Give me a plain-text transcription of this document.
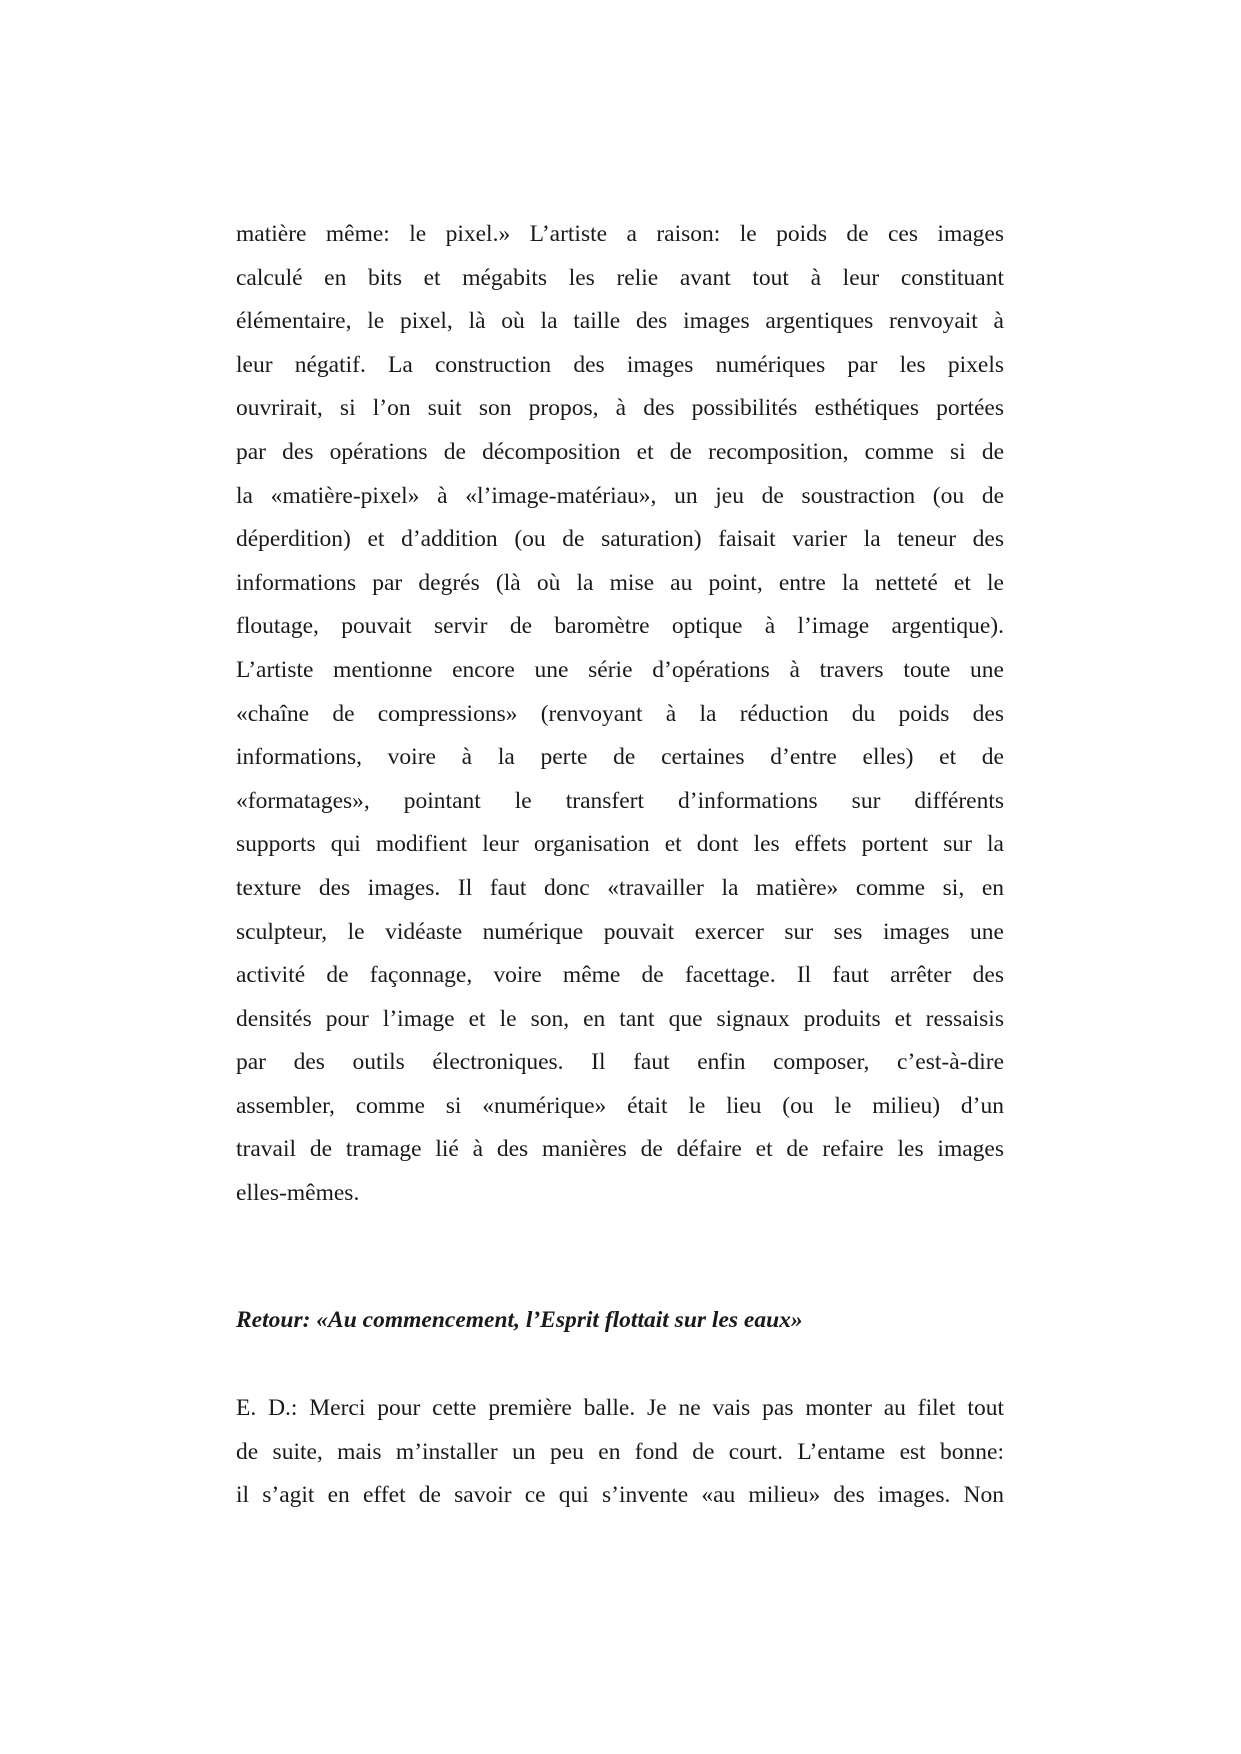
matière même: le pixel.» L’artiste a raison: le poids de ces images
calculé en bits et mégabits les relie avant tout à leur constituant
élémentaire, le pixel, là où la taille des images argentiques renvoyait à
leur négatif. La construction des images numériques par les pixels
ouvrirait, si l’on suit son propos, à des possibilités esthétiques portées
par des opérations de décomposition et de recomposition, comme si de
la «matière-pixel» à «l’image-matériau», un jeu de soustraction (ou de
déperdition) et d’addition (ou de saturation) faisait varier la teneur des
informations par degrés (là où la mise au point, entre la netteté et le
floutage, pouvait servir de baromètre optique à l’image argentique).
L’artiste mentionne encore une série d’opérations à travers toute une
«chaîne de compressions» (renvoyant à la réduction du poids des
informations, voire à la perte de certaines d’entre elles) et de
«formatages», pointant le transfert d’informations sur différents
supports qui modifient leur organisation et dont les effets portent sur la
texture des images. Il faut donc «travailler la matière» comme si, en
sculpteur, le vidéaste numérique pouvait exercer sur ses images une
activité de façonnage, voire même de facettage. Il faut arrêter des
densités pour l’image et le son, en tant que signaux produits et ressaisis
par des outils électroniques. Il faut enfin composer, c’est-à-dire
assembler, comme si «numérique» était le lieu (ou le milieu) d’un
travail de tramage lié à des manières de défaire et de refaire les images
elles-mêmes.
Retour: «Au commencement, l’Esprit flottait sur les eaux»
E. D.: Merci pour cette première balle. Je ne vais pas monter au filet tout
de suite, mais m’installer un peu en fond de court. L’entame est bonne:
il s’agit en effet de savoir ce qui s’invente «au milieu» des images. Non
